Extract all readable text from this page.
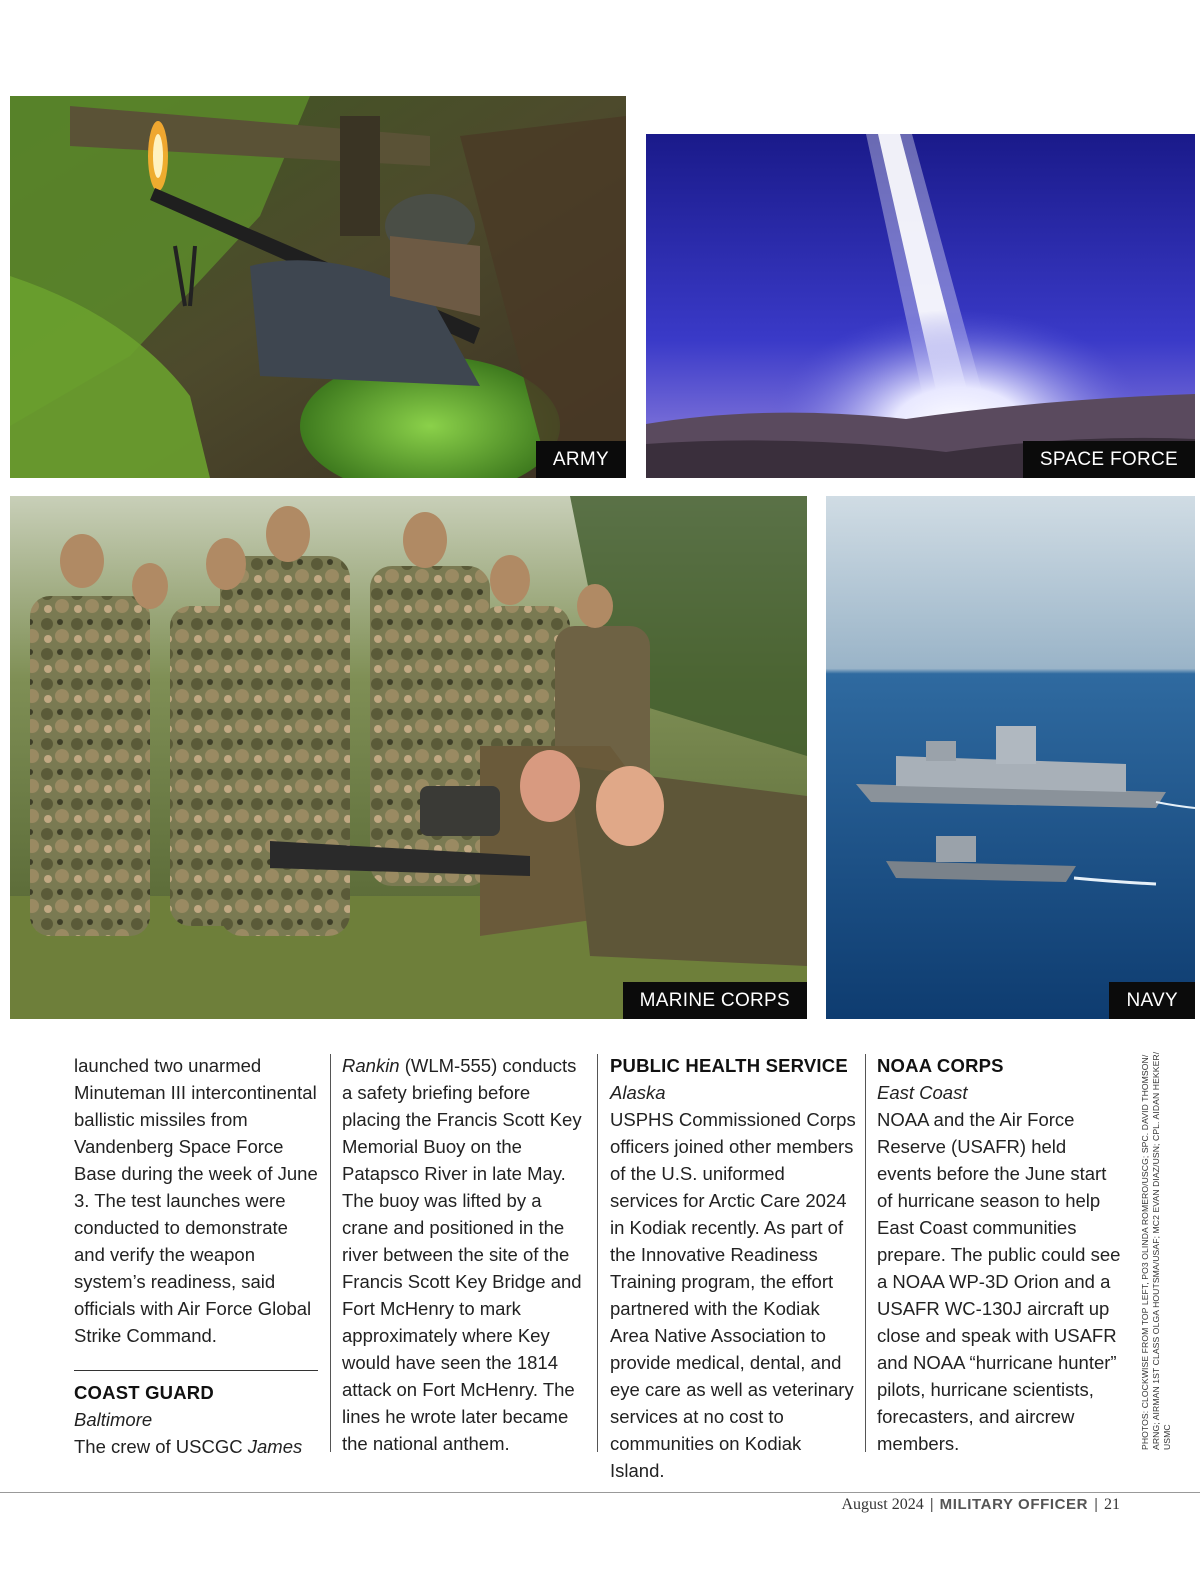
ARMY	SPACE FORCE
MARINE CORPS	NAVY

launched two unarmed Minuteman III intercontinental ballistic missiles from Vandenberg Space Force Base during the week of June 3. The test launches were conducted to demonstrate and verify the weapon system’s readiness, said officials with Air Force Global Strike Command.

COAST GUARD

Baltimore

The crew of USCGC James

Rankin (WLM-555) conducts a safety briefing before placing the Francis Scott Key Memorial Buoy on the Patapsco River in late May. The buoy was lifted by a crane and positioned in the river between the site of the Francis Scott Key Bridge and Fort McHenry to mark approximately where Key would have seen the 1814 attack on Fort McHenry. The lines he wrote later became the national anthem.

PUBLIC HEALTH SERVICE

Alaska

USPHS Commissioned Corps officers joined other members of the U.S. uniformed services for Arctic Care 2024 in Kodiak recently. As part of the Innovative Readiness Training program, the effort partnered with the Kodiak Area Native Association to provide medical, dental, and eye care as well as veterinary services at no cost to communities on Kodiak Island.

NOAA CORPS

East Coast

NOAA and the Air Force Reserve (USAFR) held events before the June start of hurricane season to help East Coast communities prepare. The public could see a NOAA WP-3D Orion and a USAFR WC-130J aircraft up close and speak with USAFR and NOAA “hurricane hunter” pilots, hurricane scientists, forecasters, and aircrew members.	PHOTOS: CLOCKWISE FROM TOP LEFT, PO3 OLINDA ROMERO/USCG; SPC. DAVID THOMSON/ ARNG; AIRMAN 1ST CLASS OLGA HOUTSMA/USAF; MC2 EVAN DIAZ/USN; CPL. AIDAN HEKKER/ USMC
August 2024 | MILITARY OFFICER | 21
